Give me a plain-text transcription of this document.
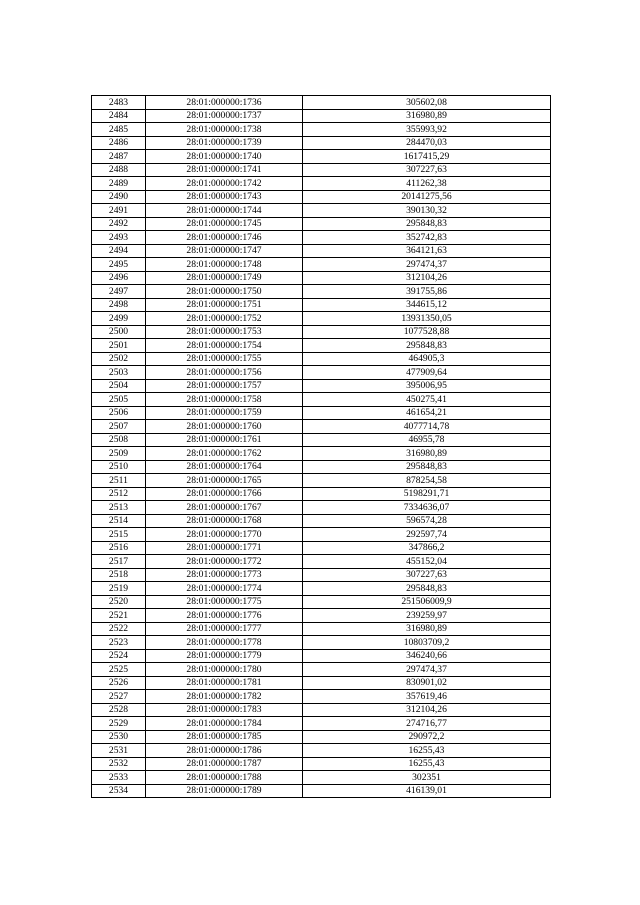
2483	28:01:000000:1736	305602,08
2484	28:01:000000:1737	316980,89
2485	28:01:000000:1738	355993,92
2486	28:01:000000:1739	284470,03
2487	28:01:000000:1740	1617415,29
2488	28:01:000000:1741	307227,63
2489	28:01:000000:1742	411262,38
2490	28:01:000000:1743	20141275,56
2491	28:01:000000:1744	390130,32
2492	28:01:000000:1745	295848,83
2493	28:01:000000:1746	352742,83
2494	28:01:000000:1747	364121,63
2495	28:01:000000:1748	297474,37
2496	28:01:000000:1749	312104,26
2497	28:01:000000:1750	391755,86
2498	28:01:000000:1751	344615,12
2499	28:01:000000:1752	13931350,05
2500	28:01:000000:1753	1077528,88
2501	28:01:000000:1754	295848,83
2502	28:01:000000:1755	464905,3
2503	28:01:000000:1756	477909,64
2504	28:01:000000:1757	395006,95
2505	28:01:000000:1758	450275,41
2506	28:01:000000:1759	461654,21
2507	28:01:000000:1760	4077714,78
2508	28:01:000000:1761	46955,78
2509	28:01:000000:1762	316980,89
2510	28:01:000000:1764	295848,83
2511	28:01:000000:1765	878254,58
2512	28:01:000000:1766	5198291,71
2513	28:01:000000:1767	7334636,07
2514	28:01:000000:1768	596574,28
2515	28:01:000000:1770	292597,74
2516	28:01:000000:1771	347866,2
2517	28:01:000000:1772	455152,04
2518	28:01:000000:1773	307227,63
2519	28:01:000000:1774	295848,83
2520	28:01:000000:1775	251506009,9
2521	28:01:000000:1776	239259,97
2522	28:01:000000:1777	316980,89
2523	28:01:000000:1778	10803709,2
2524	28:01:000000:1779	346240,66
2525	28:01:000000:1780	297474,37
2526	28:01:000000:1781	830901,02
2527	28:01:000000:1782	357619,46
2528	28:01:000000:1783	312104,26
2529	28:01:000000:1784	274716,77
2530	28:01:000000:1785	290972,2
2531	28:01:000000:1786	16255,43
2532	28:01:000000:1787	16255,43
2533	28:01:000000:1788	302351
2534	28:01:000000:1789	416139,01
